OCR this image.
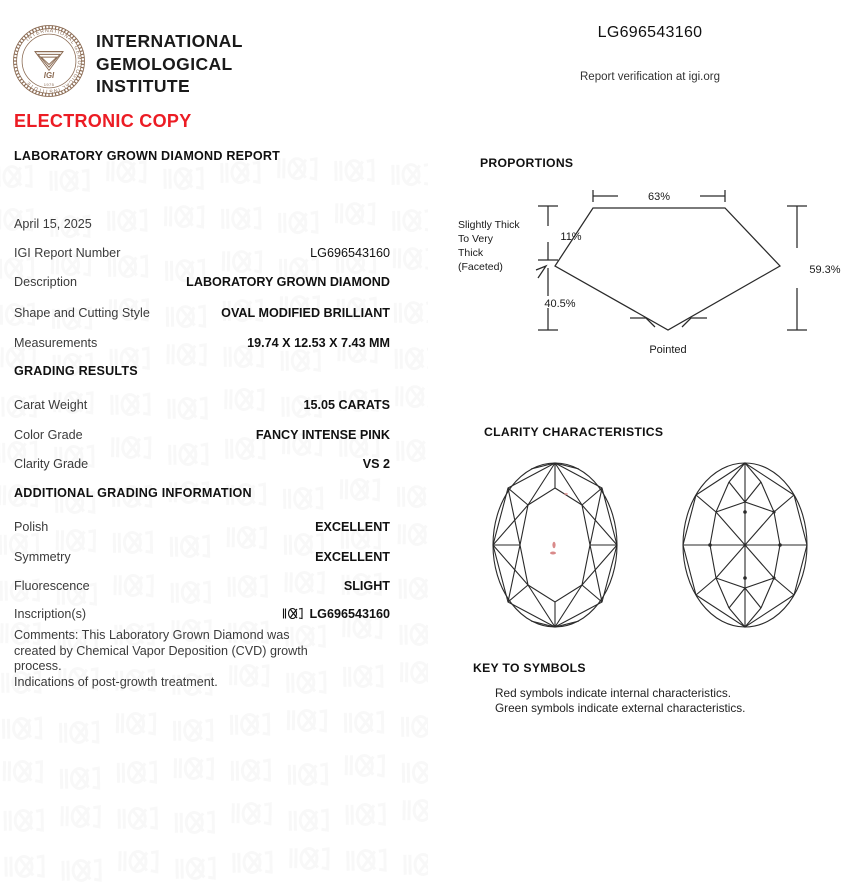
INTERNATIONAL GEMOLOGICAL INSTITUTE
IGI
1975
INTERNATIONAL
GEMOLOGICAL
INSTITUTE
LG696543160
Report verification at igi.org
ELECTRONIC COPY
LABORATORY GROWN DIAMOND REPORT
April 15, 2025
IGI Report Number	LG696543160
Description	LABORATORY GROWN DIAMOND
Shape and Cutting Style	OVAL MODIFIED BRILLIANT
Measurements	19.74 X 12.53 X 7.43 MM
GRADING RESULTS
Carat Weight	15.05 CARATS
Color Grade	FANCY INTENSE PINK
Clarity Grade	VS 2
ADDITIONAL GRADING INFORMATION
Polish	EXCELLENT
Symmetry	EXCELLENT
Fluorescence	SLIGHT
Inscription(s)	LG696543160
Comments: This Laboratory Grown Diamond was
created by Chemical Vapor Deposition (CVD) growth
process.
Indications of post-growth treatment.
PROPORTIONS
63%
11%
40.5%
59.3%
Pointed
Slightly Thick
To Very
Thick
(Faceted)
CLARITY CHARACTERISTICS
KEY TO SYMBOLS
Red symbols indicate internal characteristics.
Green symbols indicate external characteristics.
